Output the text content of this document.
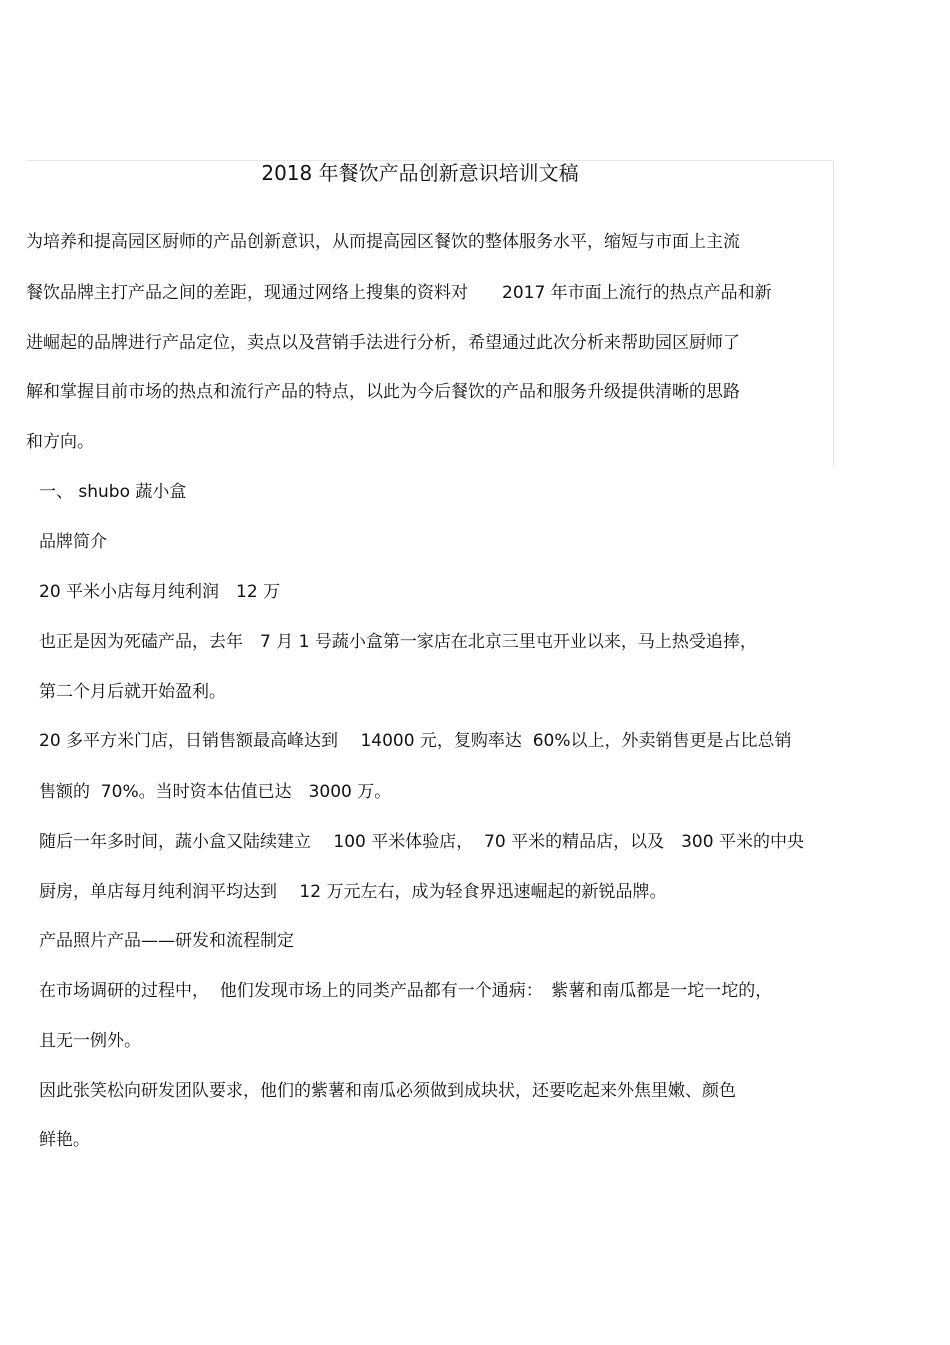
2018 年餐饮产品创新意识培训文稿
为培养和提高园区厨师的产品创新意识，从而提高园区餐饮的整体服务水平，缩短与市面上主流
餐饮品牌主打产品之间的差距，现通过网络上搜集的资料对　　2017 年市面上流行的热点产品和新
进崛起的品牌进行产品定位，卖点以及营销手法进行分析，希望通过此次分析来帮助园区厨师了
解和掌握目前市场的热点和流行产品的特点，以此为今后餐饮的产品和服务升级提供清晰的思路
和方向。
一、 shubo 蔬小盒
品牌简介
20 平米小店每月纯利润　12 万
也正是因为死磕产品，去年　7 月 1 号蔬小盒第一家店在北京三里屯开业以来，马上热受追捧，
第二个月后就开始盈利。
20 多平方米门店，日销售额最高峰达到　 14000 元，复购率达  60%以上，外卖销售更是占比总销
售额的  70%。当时资本估值已达　3000 万。
随后一年多时间，蔬小盒又陆续建立　 100 平米体验店，  70 平米的精品店，以及　300 平米的中央
厨房，单店每月纯利润平均达到　 12 万元左右，成为轻食界迅速崛起的新锐品牌。
产品照片产品——研发和流程制定
在市场调研的过程中，  他们发现市场上的同类产品都有一个通病：　紫薯和南瓜都是一坨一坨的，
且无一例外。
因此张笑松向研发团队要求，他们的紫薯和南瓜必须做到成块状，还要吃起来外焦里嫩、颜色
鲜艳。
